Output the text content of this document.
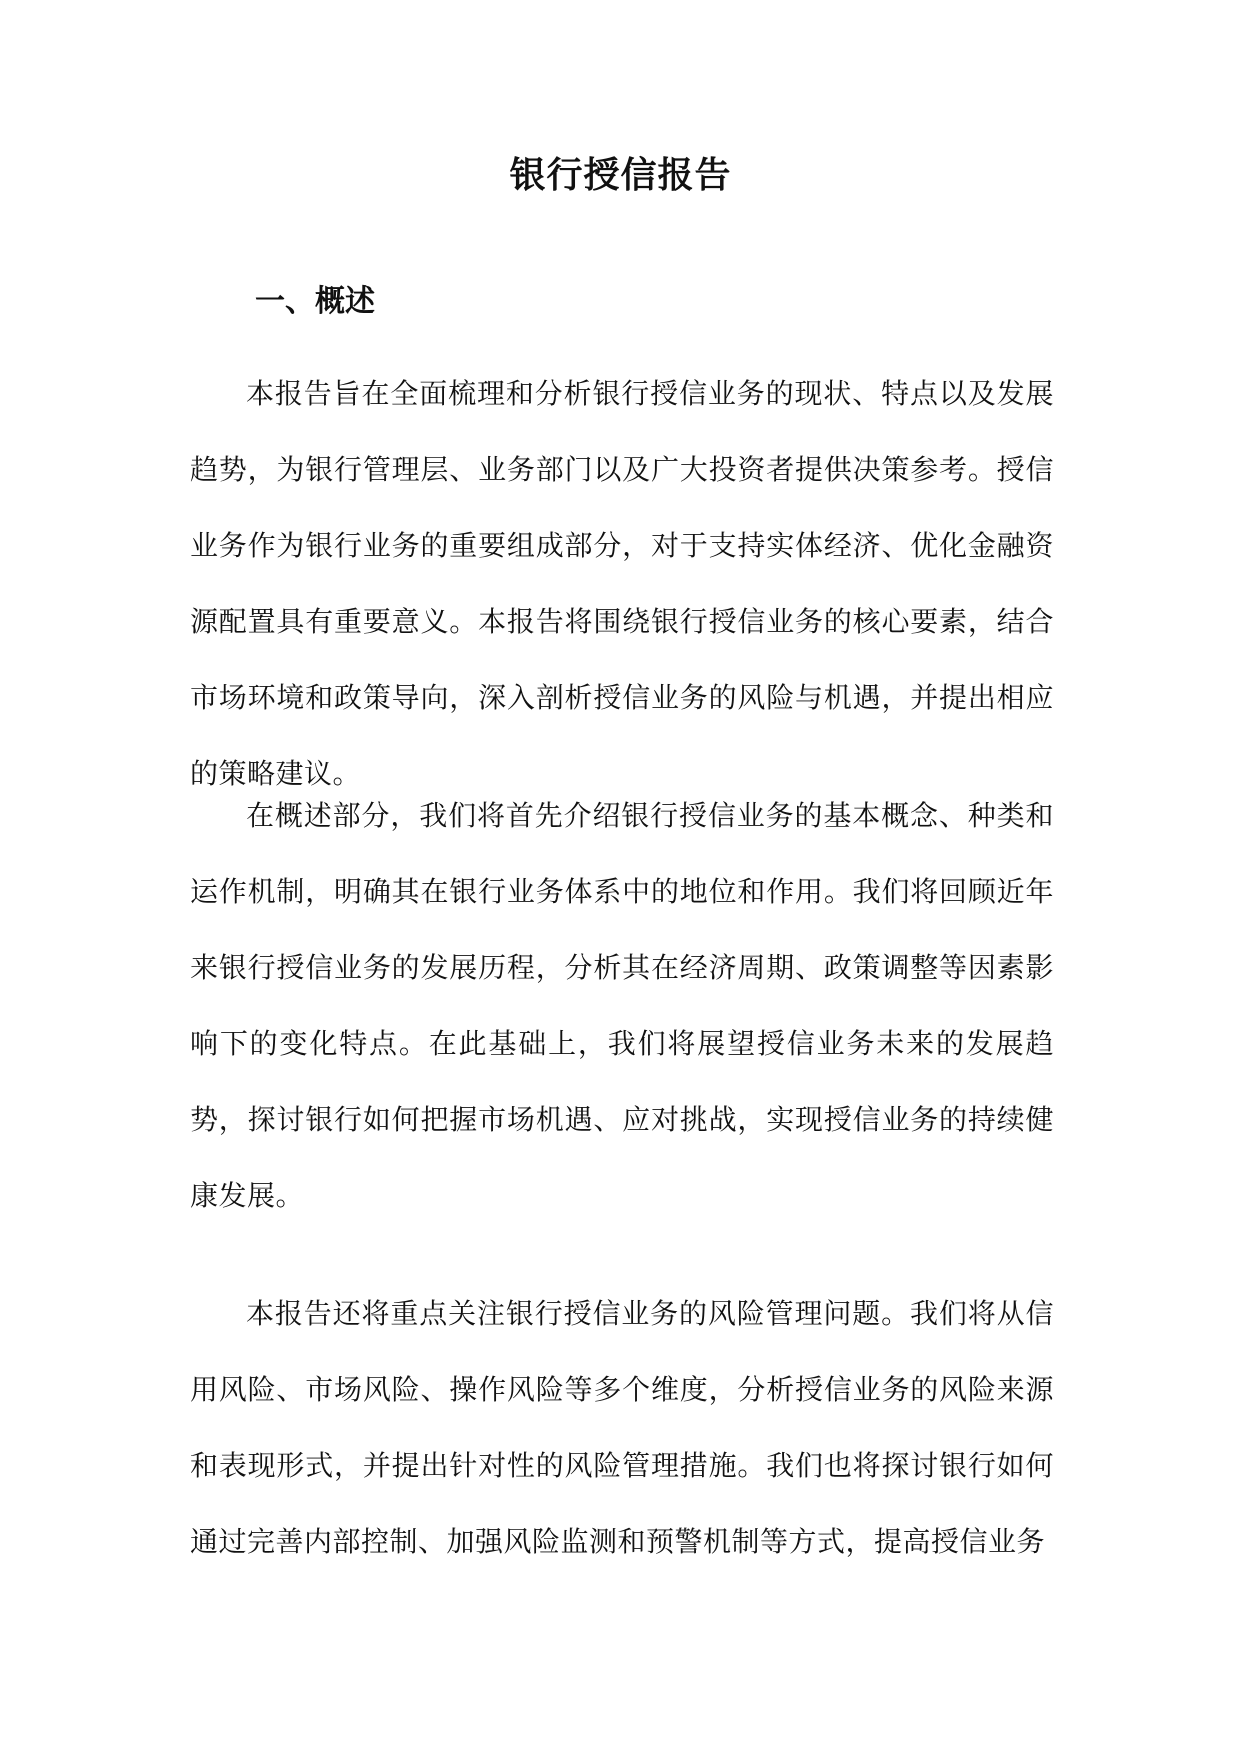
银行授信报告
一、概述

本报告旨在全面梳理和分析银行授信业务的现状、特点以及发展趋势，为银行管理层、业务部门以及广大投资者提供决策参考。授信业务作为银行业务的重要组成部分，对于支持实体经济、优化金融资源配置具有重要意义。本报告将围绕银行授信业务的核心要素，结合市场环境和政策导向，深入剖析授信业务的风险与机遇，并提出相应的策略建议。

在概述部分，我们将首先介绍银行授信业务的基本概念、种类和运作机制，明确其在银行业务体系中的地位和作用。我们将回顾近年来银行授信业务的发展历程，分析其在经济周期、政策调整等因素影响下的变化特点。在此基础上，我们将展望授信业务未来的发展趋势，探讨银行如何把握市场机遇、应对挑战，实现授信业务的持续健康发展。

本报告还将重点关注银行授信业务的风险管理问题。我们将从信用风险、市场风险、操作风险等多个维度，分析授信业务的风险来源和表现形式，并提出针对性的风险管理措施。我们也将探讨银行如何通过完善内部控制、加强风险监测和预警机制等方式，提高授信业务
